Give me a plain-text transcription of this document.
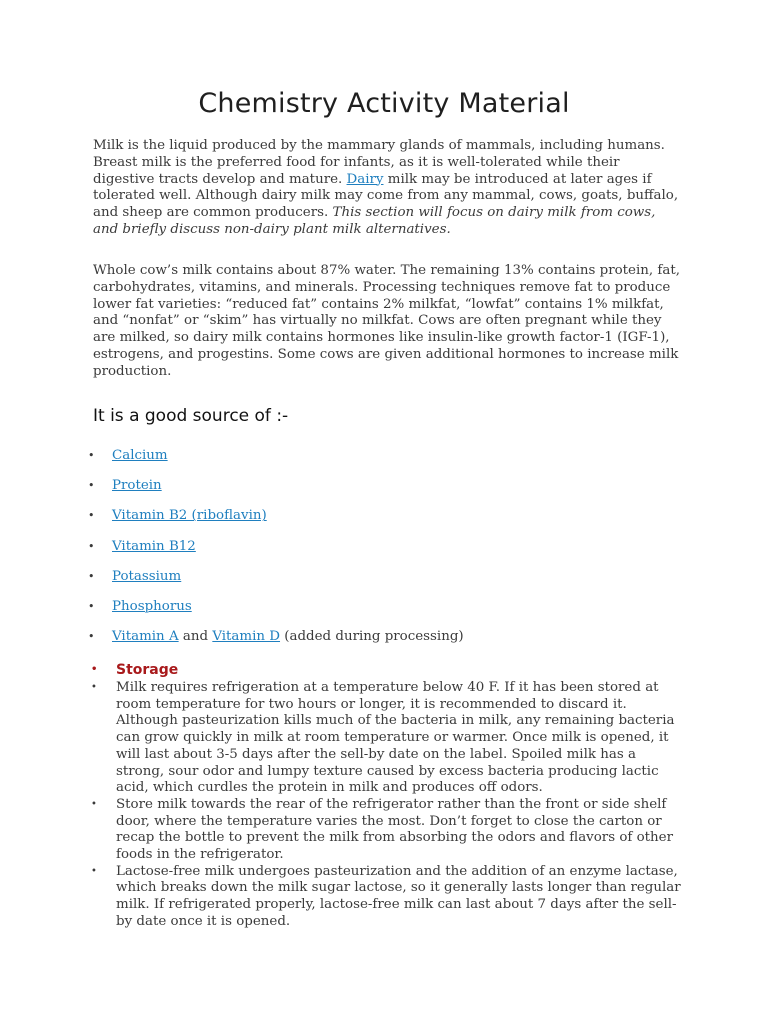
Chemistry Activity Material

Milk is the liquid produced by the mammary glands of mammals, including humans. Breast milk is the preferred food for infants, as it is well-tolerated while their digestive tracts develop and mature. Dairy milk may be introduced at later ages if tolerated well. Although dairy milk may come from any mammal, cows, goats, buffalo, and sheep are common producers. This section will focus on dairy milk from cows, and briefly discuss non-dairy plant milk alternatives.

Whole cow’s milk contains about 87% water. The remaining 13% contains protein, fat, carbohydrates, vitamins, and minerals. Processing techniques remove fat to produce lower fat varieties: “reduced fat” contains 2% milkfat, “lowfat” contains 1% milkfat, and “nonfat” or “skim” has virtually no milkfat. Cows are often pregnant while they are milked, so dairy milk contains hormones like insulin-like growth factor-1 (IGF-1), estrogens, and progestins. Some cows are given additional hormones to increase milk production.

It is a good source of :-
• Calcium
• Protein
• Vitamin B2 (riboflavin)
• Vitamin B12
• Potassium
• Phosphorus
• Vitamin A and Vitamin D (added during processing)
• Storage
• Milk requires refrigeration at a temperature below 40 F. If it has been stored at room temperature for two hours or longer, it is recommended to discard it. Although pasteurization kills much of the bacteria in milk, any remaining bacteria can grow quickly in milk at room temperature or warmer. Once milk is opened, it will last about 3-5 days after the sell-by date on the label. Spoiled milk has a strong, sour odor and lumpy texture caused by excess bacteria producing lactic acid, which curdles the protein in milk and produces off odors.
• Store milk towards the rear of the refrigerator rather than the front or side shelf door, where the temperature varies the most. Don’t forget to close the carton or recap the bottle to prevent the milk from absorbing the odors and flavors of other foods in the refrigerator.
• Lactose-free milk undergoes pasteurization and the addition of an enzyme lactase, which breaks down the milk sugar lactose, so it generally lasts longer than regular milk. If refrigerated properly, lactose-free milk can last about 7 days after the sell-by date once it is opened.
